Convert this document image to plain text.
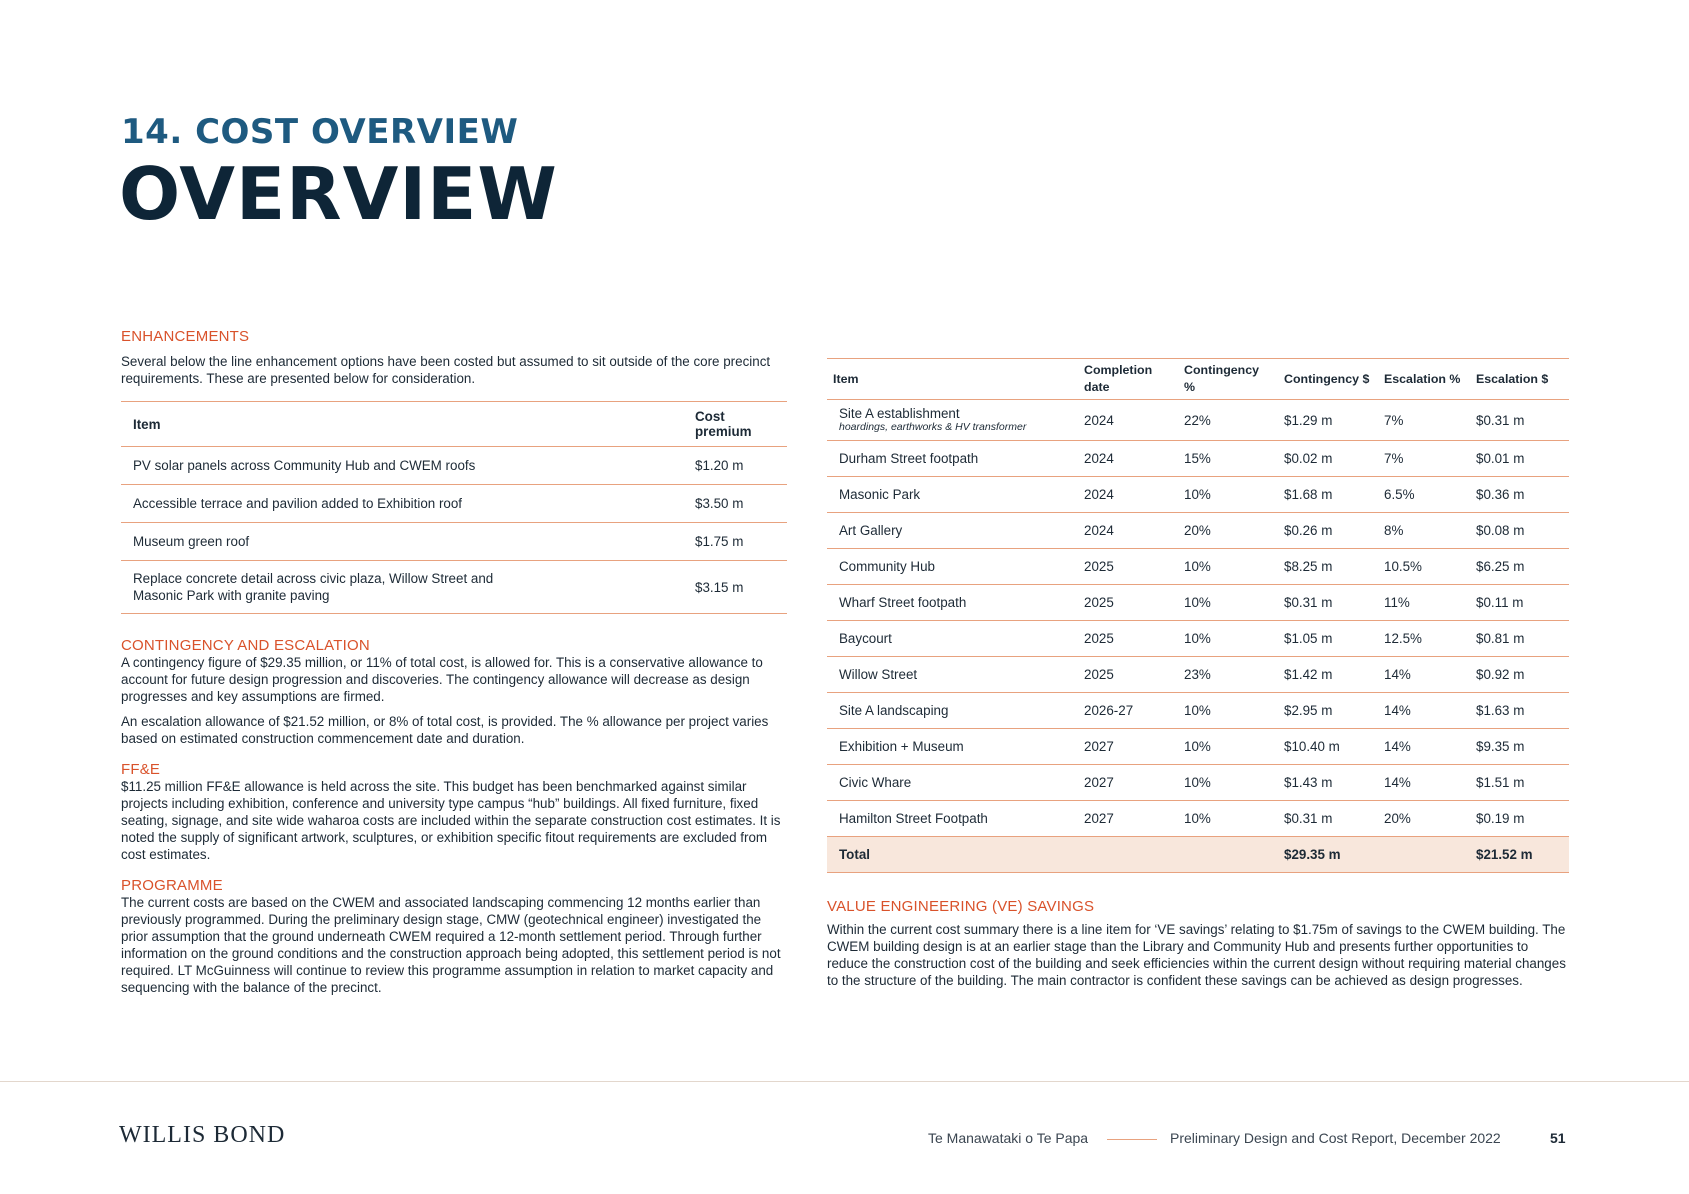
14. COST OVERVIEW
OVERVIEW
ENHANCEMENTS

Several below the line enhancement options have been costed but assumed to sit outside of the core precinct requirements. These are presented below for consideration.

Item	Cost premium
PV solar panels across Community Hub and CWEM roofs	$1.20 m
Accessible terrace and pavilion added to Exhibition roof	$3.50 m
Museum green roof	$1.75 m
Replace concrete detail across civic plaza, Willow Street and Masonic Park with granite paving	$3.15 m
CONTINGENCY AND ESCALATION

A contingency figure of $29.35 million, or 11% of total cost, is allowed for. This is a conservative allowance to account for future design progression and discoveries. The contingency allowance will decrease as design progresses and key assumptions are firmed.

An escalation allowance of $21.52 million, or 8% of total cost, is provided. The % allowance per project varies based on estimated construction commencement date and duration.

FF&E

$11.25 million FF&E allowance is held across the site. This budget has been benchmarked against similar projects including exhibition, conference and university type campus “hub” buildings. All fixed furniture, fixed seating, signage, and site wide waharoa costs are included within the separate construction cost estimates. It is noted the supply of significant artwork, sculptures, or exhibition specific fitout requirements are excluded from cost estimates.

PROGRAMME

The current costs are based on the CWEM and associated landscaping commencing 12 months earlier than previously programmed. During the preliminary design stage, CMW (geotechnical engineer) investigated the prior assumption that the ground underneath CWEM required a 12-month settlement period. Through further information on the ground conditions and the construction approach being adopted, this settlement period is not required. LT McGuinness will continue to review this programme assumption in relation to market capacity and sequencing with the balance of the precinct.

Item	Completion date	Contingency %	Contingency $	Escalation %	Escalation $
Site A establishment
hoardings, earthworks & HV transformer	2024	22%	$1.29 m	7%	$0.31 m
Durham Street footpath	2024	15%	$0.02 m	7%	$0.01 m
Masonic Park	2024	10%	$1.68 m	6.5%	$0.36 m
Art Gallery	2024	20%	$0.26 m	8%	$0.08 m
Community Hub	2025	10%	$8.25 m	10.5%	$6.25 m
Wharf Street footpath	2025	10%	$0.31 m	11%	$0.11 m
Baycourt	2025	10%	$1.05 m	12.5%	$0.81 m
Willow Street	2025	23%	$1.42 m	14%	$0.92 m
Site A landscaping	2026-27	10%	$2.95 m	14%	$1.63 m
Exhibition + Museum	2027	10%	$10.40 m	14%	$9.35 m
Civic Whare	2027	10%	$1.43 m	14%	$1.51 m
Hamilton Street Footpath	2027	10%	$0.31 m	20%	$0.19 m
Total			$29.35 m		$21.52 m
VALUE ENGINEERING (VE) SAVINGS

Within the current cost summary there is a line item for ‘VE savings’ relating to $1.75m of savings to the CWEM building. The CWEM building design is at an earlier stage than the Library and Community Hub and presents further opportunities to reduce the construction cost of the building and seek efficiencies within the current design without requiring material changes to the structure of the building. The main contractor is confident these savings can be achieved as design progresses.

WILLIS BOND	Te Manawataki o Te Papa	Preliminary Design and Cost Report, December 2022	51
